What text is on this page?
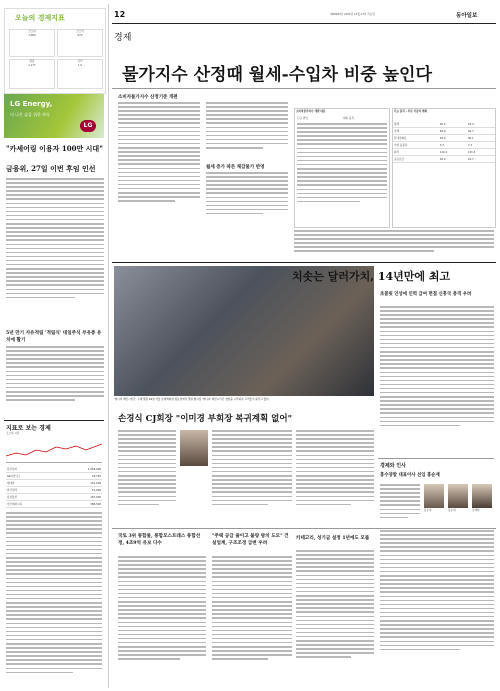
오늘의 경제지표
코스피
1,969
코스닥
672
환율
1,177
금리
1.6
LG Energy,
더 나은 삶을 위한 약속
LG
"카셰어링 이용자 100만 시대"
금융위, 27일 이번 후임 인선
5년 만기 자유적립 '적립식' 대일주식 부유층 유치에 활기
지표로 보는 경제
코스피 시장
삼성전자	1,258,000
SK하이닉스	29,750
현대차	152,500
한국전력	51,000
삼성물산	157,000
아모레퍼시픽	388,500
12
경제
제28932호 2015년 12월 17일 목요일	동아일보
물가지수 산정때 월세-수입차 비중 높인다
소비자물가지수 산정기준 개편
월세 증가 따른 체감물가 반영
소비자물가지수 개편 내용
신규 편입	제외 품목
주요 품목 · 부문 가중치 변화
월세	20.5	43.4
전세	48.9	49.7
휴대전화료	38.0	36.1
수입 승용차	3.3	7.3
외식	119.2	131.4
공공요금	16.9	16.7
'위니지 레인시티즌' 구매 열풍 16일 서울 롯데백화점 명동점에서 열린 행사장 '에니지' 레인시티즌 영업을 시작하자 고객들이 몰리고 있다.
치솟는 달러가치, 14년만에 최고
초콜릿 인상에 인력 급여 면접 신흥국 충격 우려
손경식 CJ회장 "이미경 부회장 복귀계획 없어"
경제와 인사
홍수양발 대표이사 선임 홍순재
홍수양	홍순재	김세현
국토 3위 통합물, 통합모스트레스 통합선정, 4조9억 유보 다수
"주택 공급 줄이고 불량 방치 도모" 건설업계, 구조조정 급변 우려
카테고리, 성기금 설정 1년에도 모를
